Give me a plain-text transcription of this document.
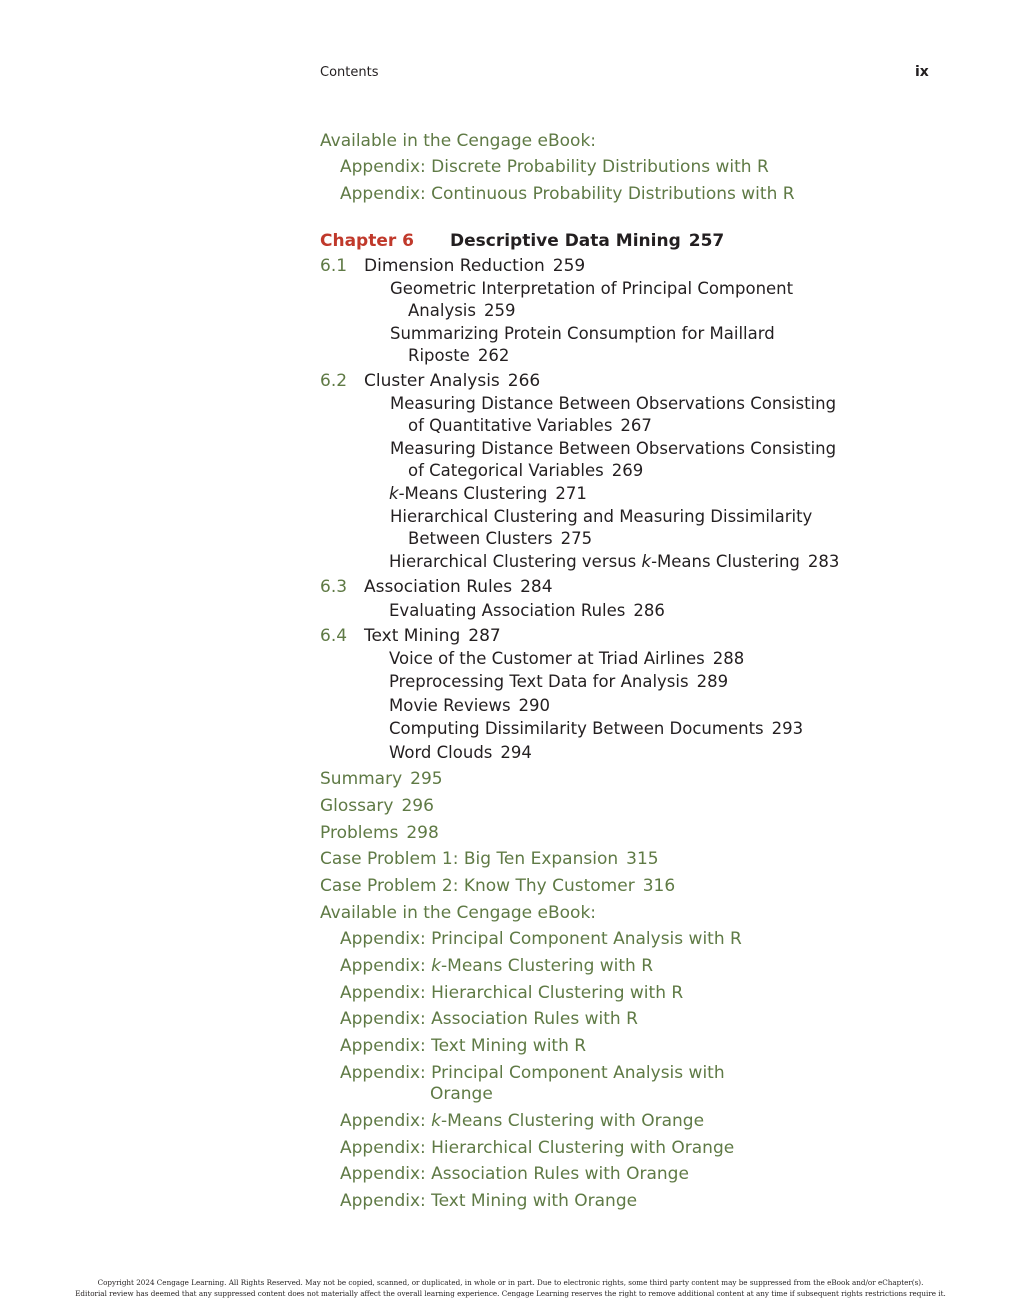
Contents	ix
Available in the Cengage eBook:
Appendix: Discrete Probability Distributions with R
Appendix: Continuous Probability Distributions with R
Chapter 6 Descriptive Data Mining 257
6.1 Dimension Reduction 259
Geometric Interpretation of Principal Component
Analysis 259
Summarizing Protein Consumption for Maillard
Riposte 262
6.2 Cluster Analysis 266
Measuring Distance Between Observations Consisting
of Quantitative Variables 267
Measuring Distance Between Observations Consisting
of Categorical Variables 269
k-Means Clustering 271
Hierarchical Clustering and Measuring Dissimilarity
Between Clusters 275
Hierarchical Clustering versus k-Means Clustering 283
6.3 Association Rules 284
Evaluating Association Rules 286
6.4 Text Mining 287
Voice of the Customer at Triad Airlines 288
Preprocessing Text Data for Analysis 289
Movie Reviews 290
Computing Dissimilarity Between Documents 293
Word Clouds 294
Summary 295
Glossary 296
Problems 298
Case Problem 1: Big Ten Expansion 315
Case Problem 2: Know Thy Customer 316
Available in the Cengage eBook:
Appendix: Principal Component Analysis with R
Appendix: k-Means Clustering with R
Appendix: Hierarchical Clustering with R
Appendix: Association Rules with R
Appendix: Text Mining with R
Appendix: Principal Component Analysis with
Orange
Appendix: k-Means Clustering with Orange
Appendix: Hierarchical Clustering with Orange
Appendix: Association Rules with Orange
Appendix: Text Mining with Orange
Copyright 2024 Cengage Learning. All Rights Reserved. May not be copied, scanned, or duplicated, in whole or in part. Due to electronic rights, some third party content may be suppressed from the eBook and/or eChapter(s).
Editorial review has deemed that any suppressed content does not materially affect the overall learning experience. Cengage Learning reserves the right to remove additional content at any time if subsequent rights restrictions require it.
